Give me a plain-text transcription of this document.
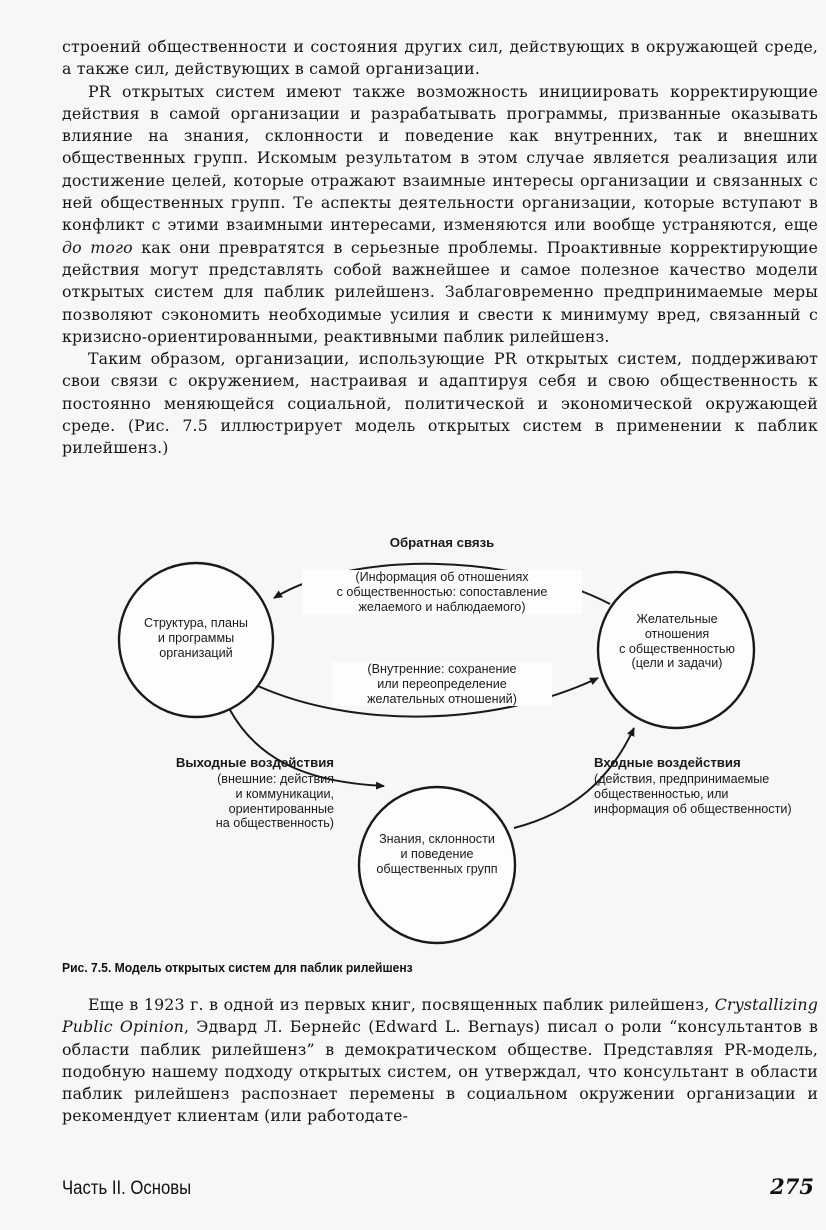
строений общественности и состояния других сил, действующих в окружающей среде, а также сил, действующих в самой организации.

PR открытых систем имеют также возможность инициировать корректирующие действия в самой организации и разрабатывать программы, призванные оказывать влияние на знания, склонности и поведение как внутренних, так и внешних общественных групп. Искомым результатом в этом случае является реализация или достижение целей, которые отражают взаимные интересы организации и связанных с ней общественных групп. Те аспекты деятельности организации, которые вступают в конфликт с этими взаимными интересами, изменяются или вообще устраняются, еще до того как они превратятся в серьезные проблемы. Проактивные корректирующие действия могут представлять собой важнейшее и самое полезное качество модели открытых систем для паблик рилейшенз. Заблаговременно предпринимаемые меры позволяют сэкономить необходимые усилия и свести к минимуму вред, связанный с кризисно-ориентированными, реактивными паблик рилейшенз.

Таким образом, организации, использующие PR открытых систем, поддерживают свои связи с окружением, настраивая и адаптируя себя и свою общественность к постоянно меняющейся социальной, политической и экономической окружающей среде. (Рис. 7.5 иллюстрирует модель открытых систем в применении к паблик рилейшенз.)

Обратная связь
(Информация об отношениях
с общественностью: сопоставление
желаемого и наблюдаемого)
(Внутренние: сохранение
или переопределение
желательных отношений)
Структура, планы
и программы
организаций
Желательные
отношения
с общественностью
(цели и задачи)
Знания, склонности
и поведение
общественных групп
Выходные воздействия
(внешние: действия
и коммуникации,
ориентированные
на общественность)
Входные воздействия
(действия, предпринимаемые
общественностью, или
информация об общественности)
Рис. 7.5. Модель открытых систем для паблик рилейшенз

Еще в 1923 г. в одной из первых книг, посвященных паблик рилейшенз, Crystallizing Public Opinion, Эдвард Л. Бернейс (Edward L. Bernays) писал о роли “консультантов в области паблик рилейшенз” в демократическом обществе. Представляя PR-модель, подобную нашему подходу открытых систем, он утверждал, что консультант в области паблик рилейшенз распознает перемены в социальном окружении организации и рекомендует клиентам (или работодате-

Часть II. Основы	275
